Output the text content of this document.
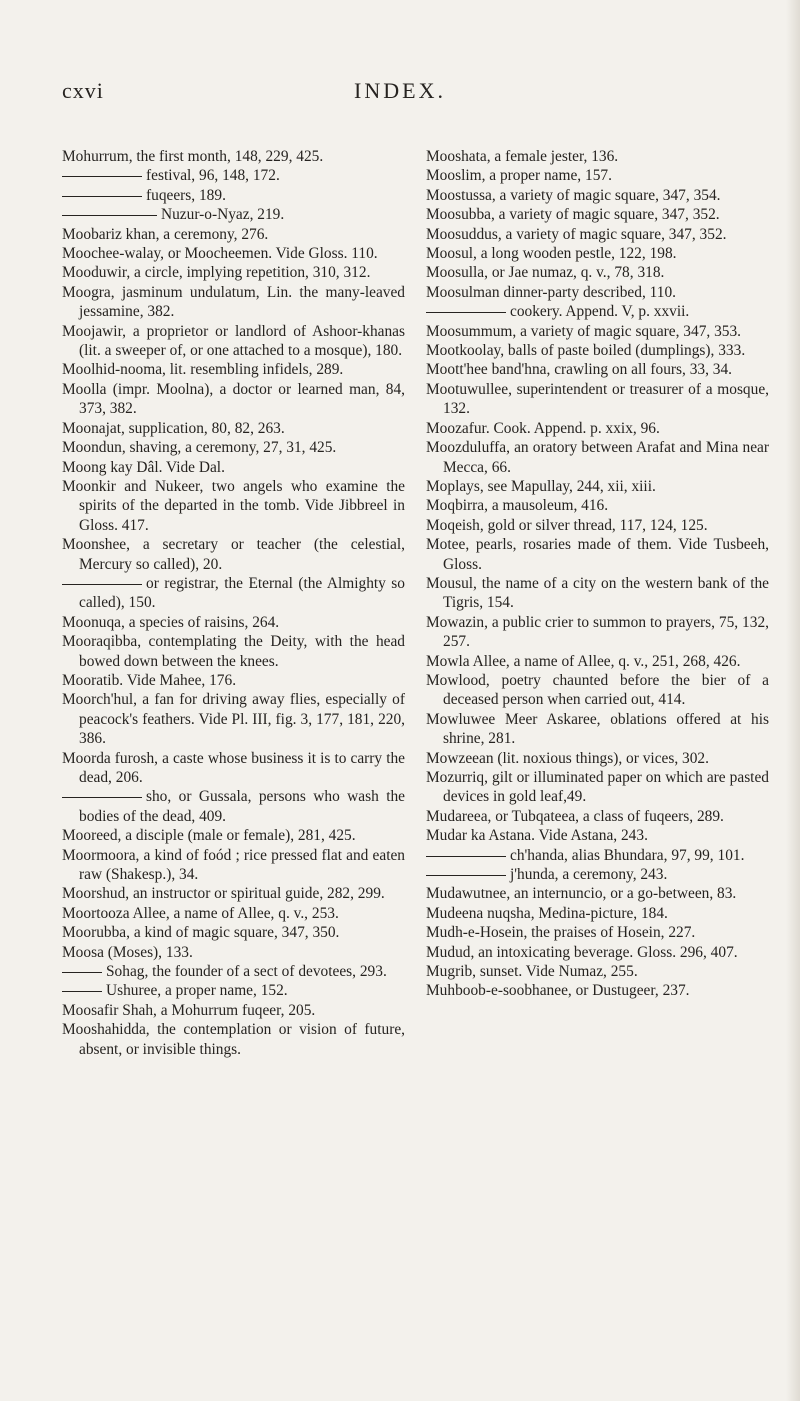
cxvi	INDEX.

Mohurrum, the first month, 148, 229, 425.

festival, 96, 148, 172.

fuqeers, 189.

Nuzur-o-Nyaz, 219.

Moobariz khan, a ceremony, 276.

Moochee-walay, or Moocheemen. Vide Gloss. 110.

Mooduwir, a circle, implying repetition, 310, 312.

Moogra, jasminum undulatum, Lin. the many-leaved jessamine, 382.

Moojawir, a proprietor or landlord of Ashoor-khanas (lit. a sweeper of, or one attached to a mosque), 180.

Moolhid-nooma, lit. resembling infidels, 289.

Moolla (impr. Moolna), a doctor or learned man, 84, 373, 382.

Moonajat, supplication, 80, 82, 263.

Moondun, shaving, a ceremony, 27, 31, 425.

Moong kay Dâl. Vide Dal.

Moonkir and Nukeer, two angels who examine the spirits of the departed in the tomb. Vide Jibbreel in Gloss. 417.

Moonshee, a secretary or teacher (the celestial, Mercury so called), 20.

or registrar, the Eternal (the Almighty so called), 150.

Moonuqa, a species of raisins, 264.

Mooraqibba, contemplating the Deity, with the head bowed down between the knees.

Mooratib. Vide Mahee, 176.

Moorch'hul, a fan for driving away flies, especially of peacock's feathers. Vide Pl. III, fig. 3, 177, 181, 220, 386.

Moorda furosh, a caste whose business it is to carry the dead, 206.

sho, or Gussala, persons who wash the bodies of the dead, 409.

Mooreed, a disciple (male or female), 281, 425.

Moormoora, a kind of foód ; rice pressed flat and eaten raw (Shakesp.), 34.

Moorshud, an instructor or spiritual guide, 282, 299.

Moortooza Allee, a name of Allee, q. v., 253.

Moorubba, a kind of magic square, 347, 350.

Moosa (Moses), 133.

Sohag, the founder of a sect of devotees, 293.

Ushuree, a proper name, 152.

Moosafir Shah, a Mohurrum fuqeer, 205.

Mooshahidda, the contemplation or vision of future, absent, or invisible things.

Mooshata, a female jester, 136.

Mooslim, a proper name, 157.

Moostussa, a variety of magic square, 347, 354.

Moosubba, a variety of magic square, 347, 352.

Moosuddus, a variety of magic square, 347, 352.

Moosul, a long wooden pestle, 122, 198.

Moosulla, or Jae numaz, q. v., 78, 318.

Moosulman dinner-party described, 110.

cookery. Append. V, p. xxvii.

Moosummum, a variety of magic square, 347, 353.

Mootkoolay, balls of paste boiled (dumplings), 333.

Moott'hee band'hna, crawling on all fours, 33, 34.

Mootuwullee, superintendent or treasurer of a mosque, 132.

Moozafur. Cook. Append. p. xxix, 96.

Moozduluffa, an oratory between Arafat and Mina near Mecca, 66.

Moplays, see Mapullay, 244, xii, xiii.

Moqbirra, a mausoleum, 416.

Moqeish, gold or silver thread, 117, 124, 125.

Motee, pearls, rosaries made of them. Vide Tusbeeh, Gloss.

Mousul, the name of a city on the western bank of the Tigris, 154.

Mowazin, a public crier to summon to prayers, 75, 132, 257.

Mowla Allee, a name of Allee, q. v., 251, 268, 426.

Mowlood, poetry chaunted before the bier of a deceased person when carried out, 414.

Mowluwee Meer Askaree, oblations offered at his shrine, 281.

Mowzeean (lit. noxious things), or vices, 302.

Mozurriq, gilt or illuminated paper on which are pasted devices in gold leaf,49.

Mudareea, or Tubqateea, a class of fuqeers, 289.

Mudar ka Astana. Vide Astana, 243.

ch'handa, alias Bhundara, 97, 99, 101.

j'hunda, a ceremony, 243.

Mudawutnee, an internuncio, or a go-between, 83.

Mudeena nuqsha, Medina-picture, 184.

Mudh-e-Hosein, the praises of Hosein, 227.

Mudud, an intoxicating beverage. Gloss. 296, 407.

Mugrib, sunset. Vide Numaz, 255.

Muhboob-e-soobhanee, or Dustugeer, 237.
